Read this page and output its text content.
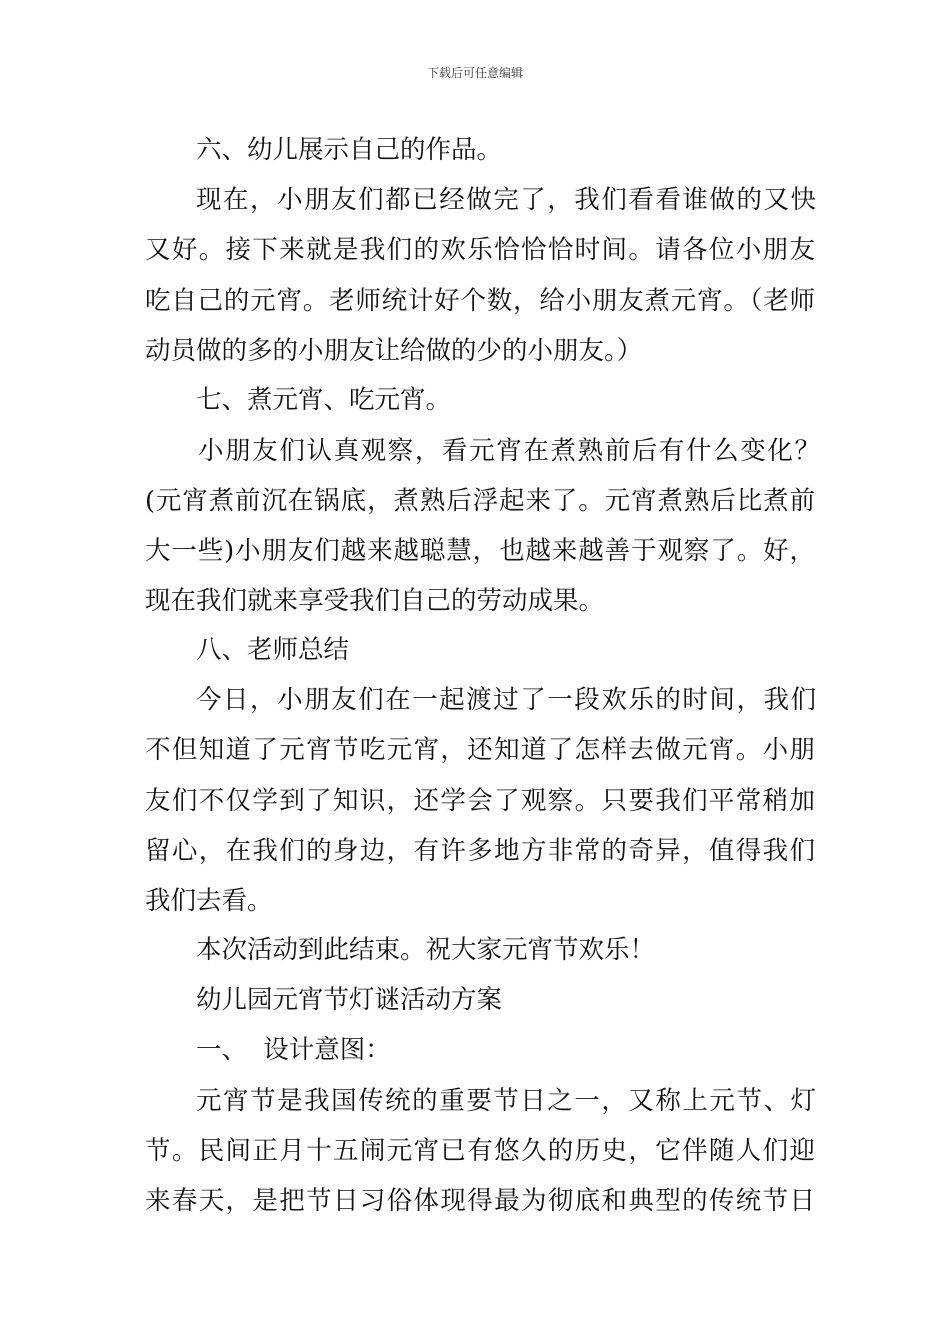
下载后可任意编辑
六、幼儿展示自己的作品。
现在，小朋友们都已经做完了，我们看看谁做的又快
又好。接下来就是我们的欢乐恰恰恰时间。请各位小朋友
吃自己的元宵。老师统计好个数，给小朋友煮元宵。（老师
动员做的多的小朋友让给做的少的小朋友。）
七、煮元宵、吃元宵。
小朋友们认真观察，看元宵在煮熟前后有什么变化？
(元宵煮前沉在锅底，煮熟后浮起来了。元宵煮熟后比煮前
大一些)小朋友们越来越聪慧，也越来越善于观察了。好，
现在我们就来享受我们自己的劳动成果。
八、老师总结
今日，小朋友们在一起渡过了一段欢乐的时间，我们
不但知道了元宵节吃元宵，还知道了怎样去做元宵。小朋
友们不仅学到了知识，还学会了观察。只要我们平常稍加
留心，在我们的身边，有许多地方非常的奇异，值得我们
我们去看。
本次活动到此结束。祝大家元宵节欢乐！
幼儿园元宵节灯谜活动方案
一、  设计意图：
元宵节是我国传统的重要节日之一，又称上元节、灯
节。民间正月十五闹元宵已有悠久的历史，它伴随人们迎
来春天，是把节日习俗体现得最为彻底和典型的传统节日
